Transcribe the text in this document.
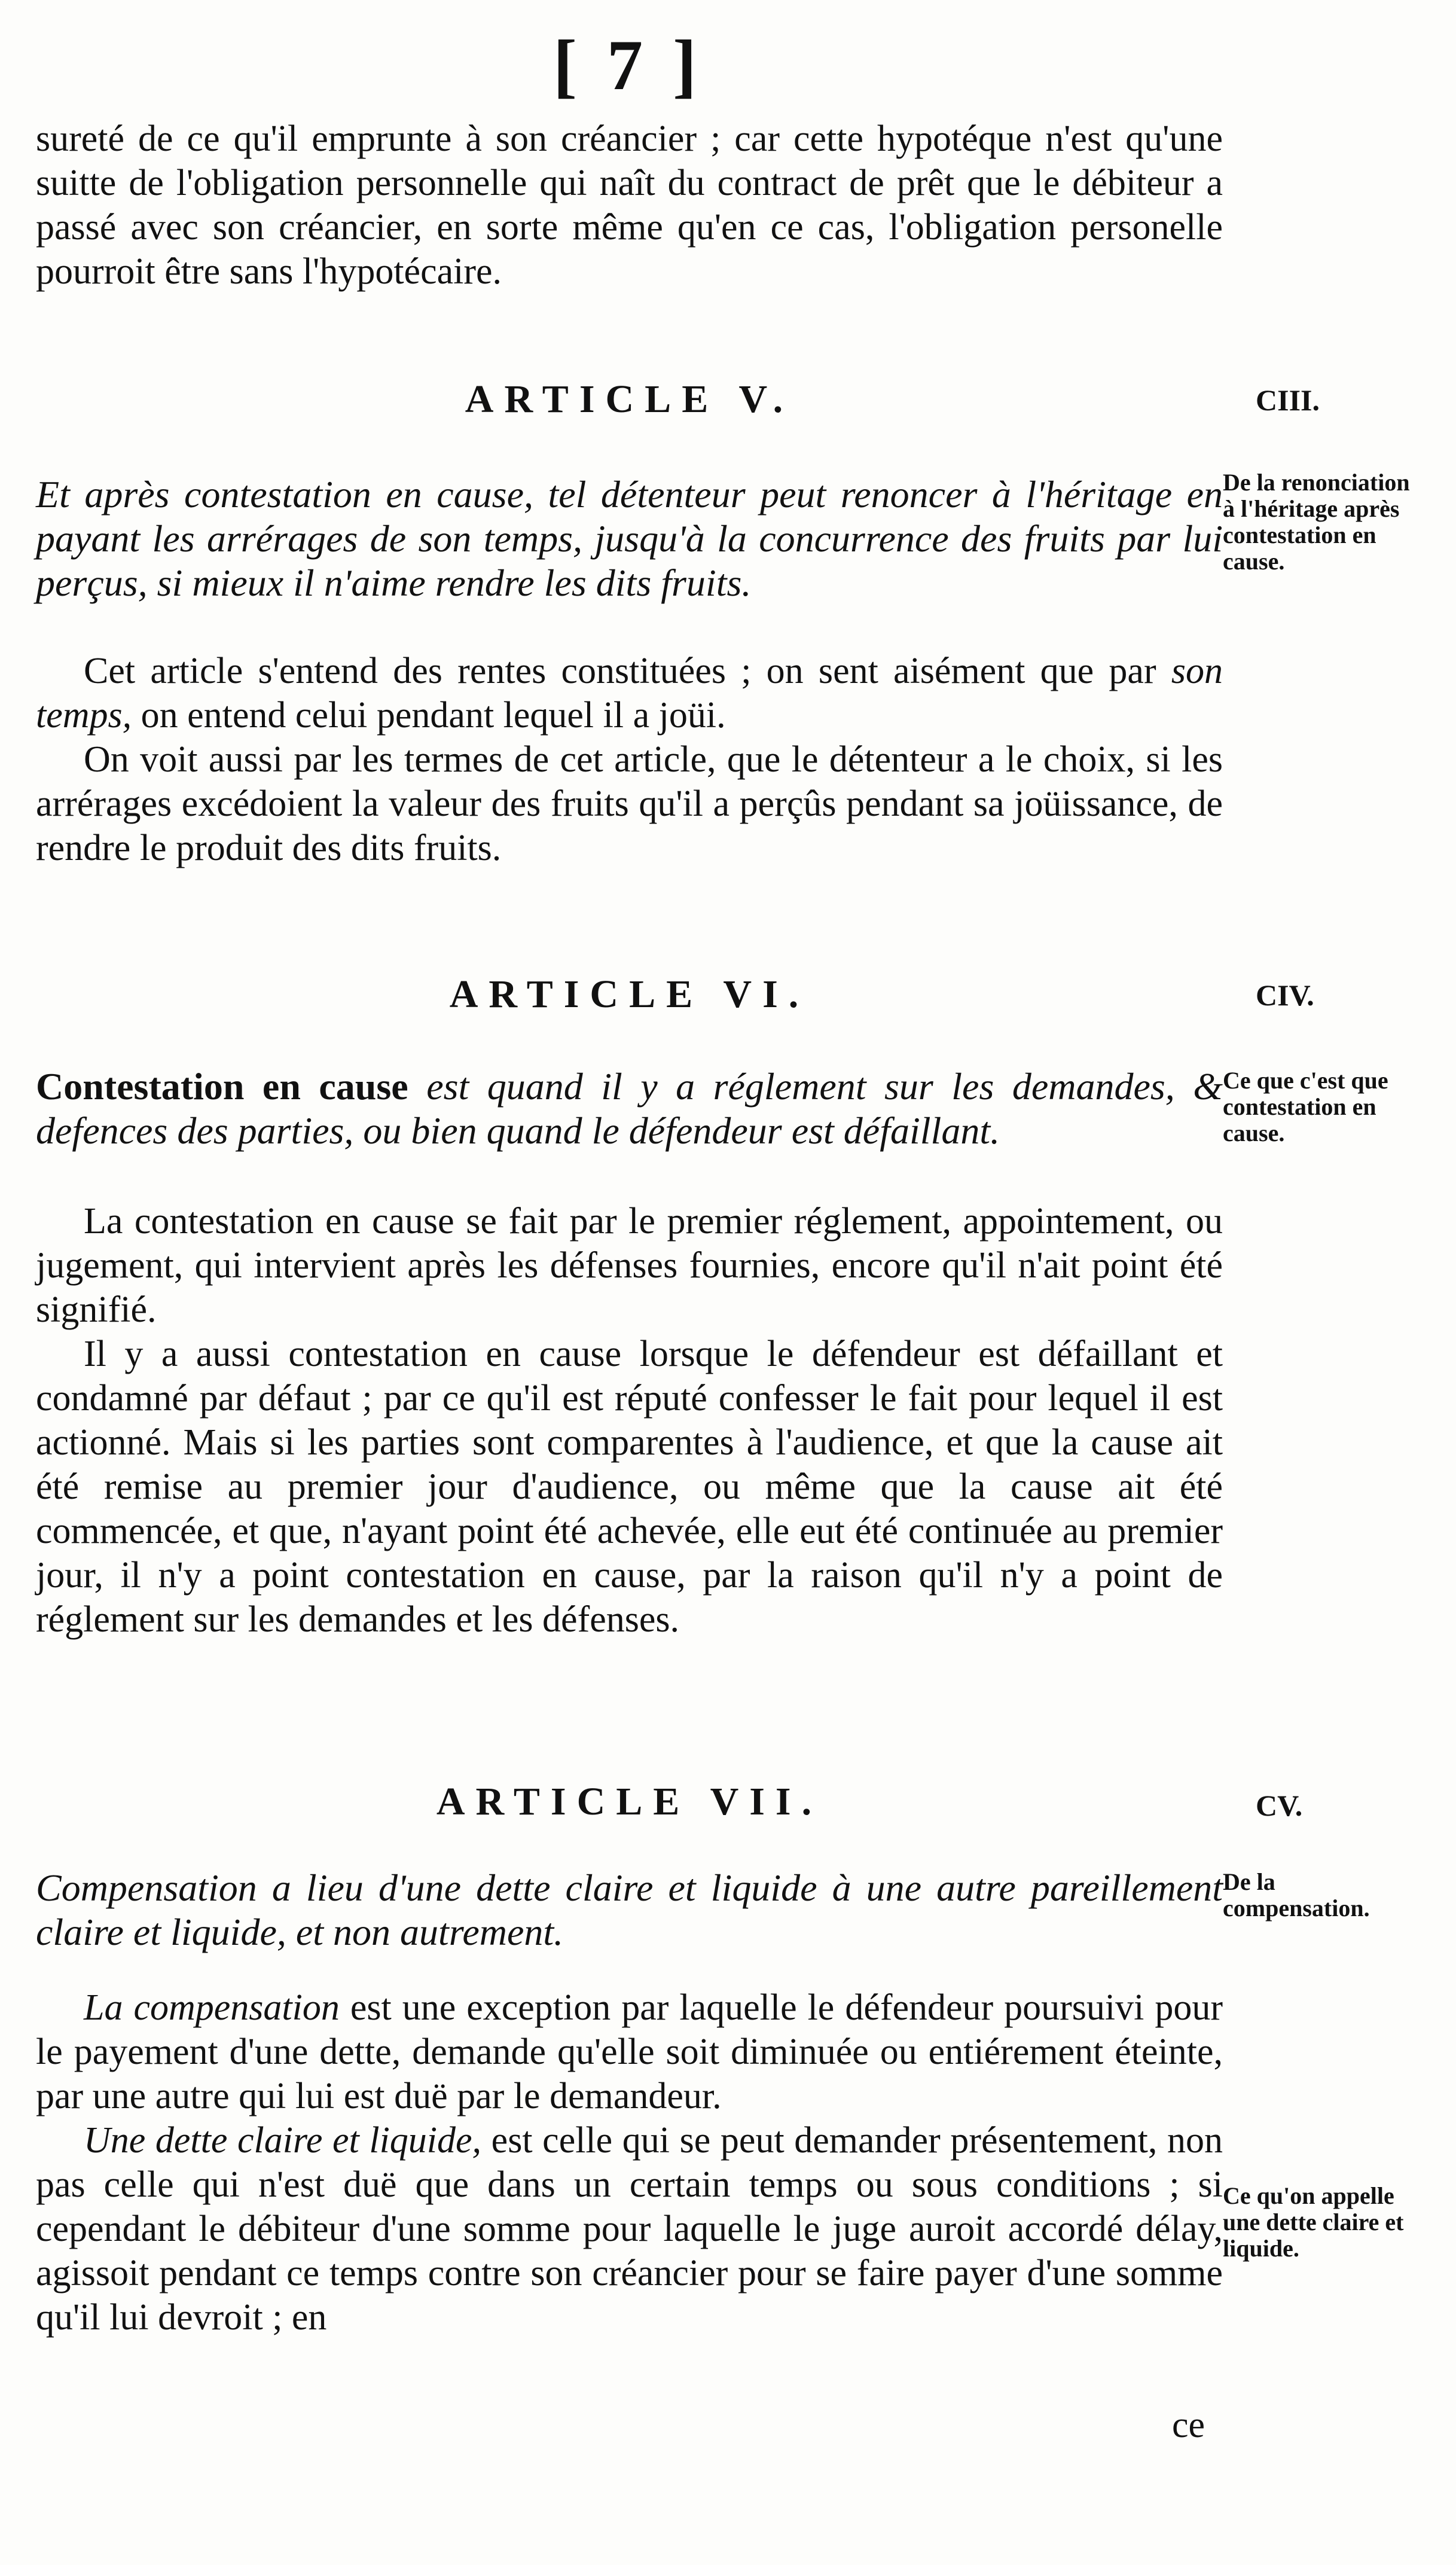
[ 7 ]

sureté de ce qu'il emprunte à son créancier ; car cette hypotéque n'est qu'une suitte de l'obligation personnelle qui naît du contract de prêt que le débiteur a passé avec son créancier, en sorte même qu'en ce cas, l'obligation personelle pourroit être sans l'hypotécaire.

ARTICLE V.	CIII.
Et après contestation en cause, tel détenteur peut renoncer à l'héritage en payant les arrérages de son temps, jusqu'à la concurrence des fruits par lui perçus, si mieux il n'aime rendre les dits fruits.
De la renonciation à l'héritage après contestation en cause.

Cet article s'entend des rentes constituées ; on sent aisément que par son temps, on entend celui pendant lequel il a joüi.

On voit aussi par les termes de cet article, que le détenteur a le choix, si les arrérages excédoient la valeur des fruits qu'il a perçûs pendant sa joüissance, de rendre le produit des dits fruits.

ARTICLE VI.	CIV.
Contestation en cause est quand il y a réglement sur les demandes, & defences des parties, ou bien quand le défendeur est défaillant.
Ce que c'est que contestation en cause.

La contestation en cause se fait par le premier réglement, appointement, ou jugement, qui intervient après les défenses fournies, encore qu'il n'ait point été signifié.

Il y a aussi contestation en cause lorsque le défendeur est défaillant et condamné par défaut ; par ce qu'il est réputé confesser le fait pour lequel il est actionné. Mais si les parties sont comparentes à l'audience, et que la cause ait été remise au premier jour d'audience, ou même que la cause ait été commencée, et que, n'ayant point été achevée, elle eut été continuée au premier jour, il n'y a point contestation en cause, par la raison qu'il n'y a point de réglement sur les demandes et les défenses.

ARTICLE VII.	CV.
Compensation a lieu d'une dette claire et liquide à une autre pareillement claire et liquide, et non autrement.
De la compensation.

La compensation est une exception par laquelle le défendeur poursuivi pour le payement d'une dette, demande qu'elle soit diminuée ou entiérement éteinte, par une autre qui lui est duë par le demandeur.

Une dette claire et liquide, est celle qui se peut demander présentement, non pas celle qui n'est duë que dans un certain temps ou sous conditions ; si cependant le débiteur d'une somme pour laquelle le juge auroit accordé délay, agissoit pendant ce temps contre son créancier pour se faire payer d'une somme qu'il lui devroit ; en

Ce qu'on appelle une dette claire et liquide.
ce
